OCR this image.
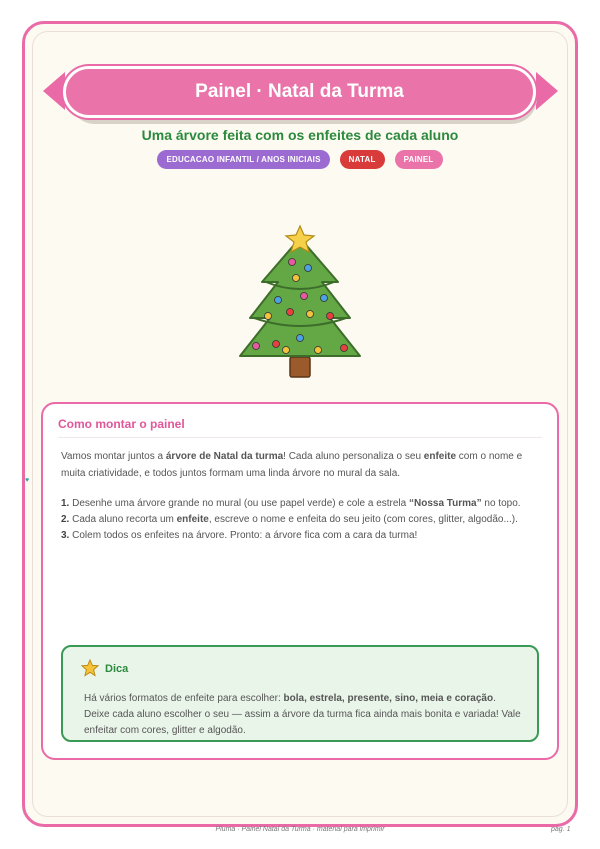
Painel · Natal da Turma
Uma árvore feita com os enfeites de cada aluno
EDUCACAO INFANTIL / ANOS INICIAIS	NATAL	PAINEL
♥
Como montar o painel
Vamos montar juntos a árvore de Natal da turma! Cada aluno personaliza o seu enfeite com o nome e muita criatividade, e todos juntos formam uma linda árvore no mural da sala.
1. Desenhe uma árvore grande no mural (ou use papel verde) e cole a estrela “Nossa Turma” no topo.
2. Cada aluno recorta um enfeite, escreve o nome e enfeita do seu jeito (com cores, glitter, algodão...).
3. Colem todos os enfeites na árvore. Pronto: a árvore fica com a cara da turma!
Dica
Há vários formatos de enfeite para escolher: bola, estrela, presente, sino, meia e coração. Deixe cada aluno escolher o seu — assim a árvore da turma fica ainda mais bonita e variada! Vale enfeitar com cores, glitter e algodão.
Pluma · Painel Natal da Turma · material para imprimir	pág. 1
